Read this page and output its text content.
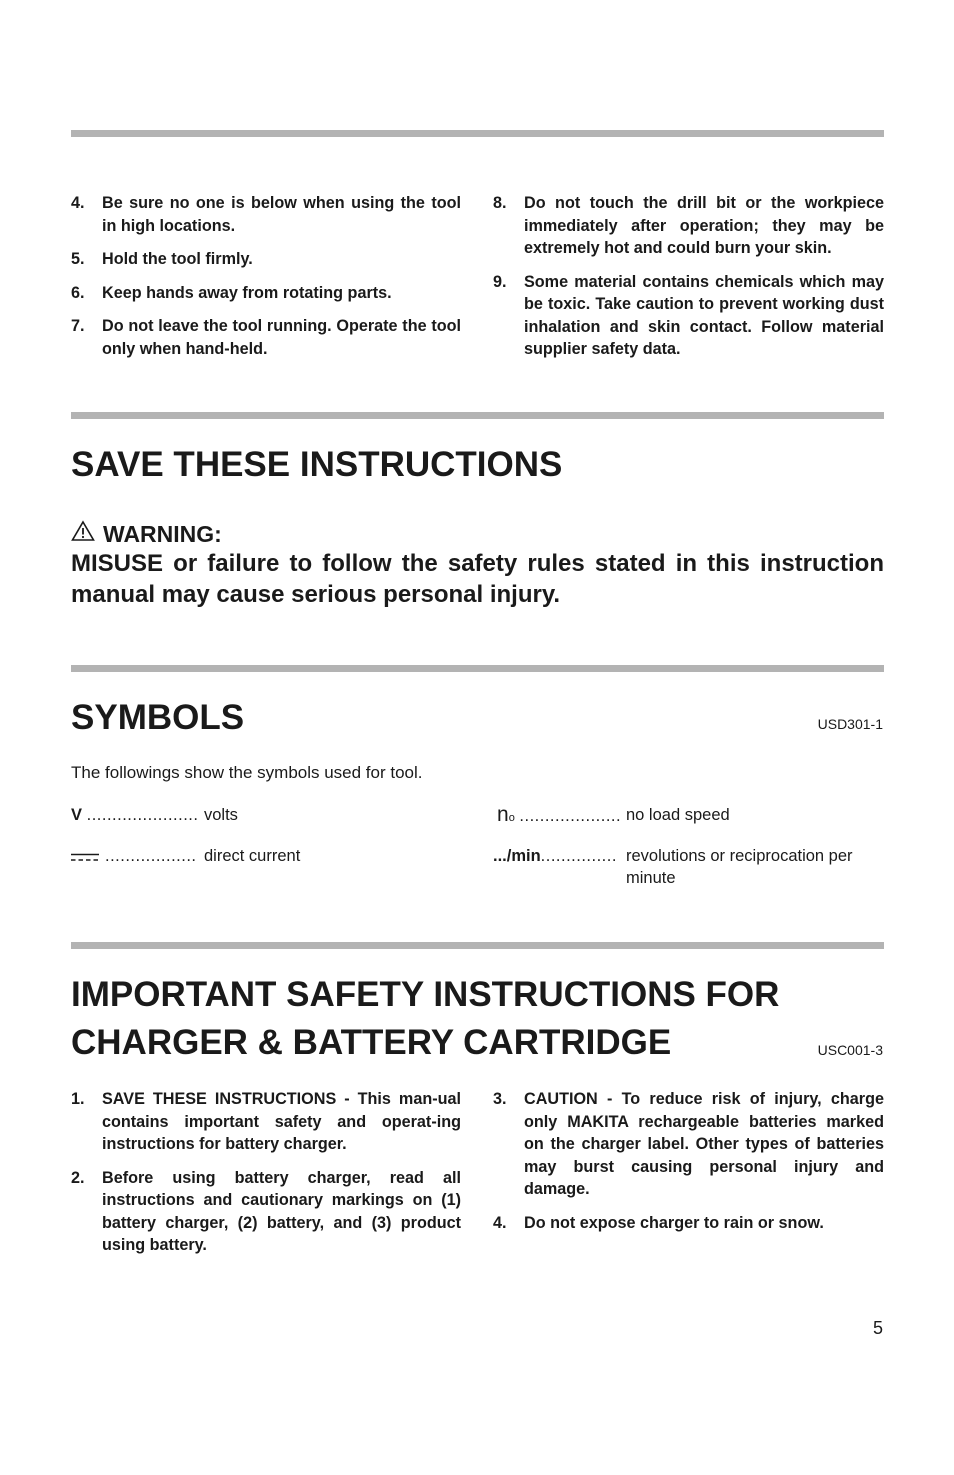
4. Be sure no one is below when using the tool in high locations.
5. Hold the tool firmly.
6. Keep hands away from rotating parts.
7. Do not leave the tool running. Operate the tool only when hand-held.
8. Do not touch the drill bit or the workpiece immediately after operation; they may be extremely hot and could burn your skin.
9. Some material contains chemicals which may be toxic. Take caution to prevent working dust inhalation and skin contact. Follow material supplier safety data.
SAVE THESE INSTRUCTIONS
WARNING:
MISUSE or failure to follow the safety rules stated in this instruction manual may cause serious personal injury.
SYMBOLS	USD301-1
The followings show the symbols used for tool.
V ...................... volts
.................. direct current
no .................... no load speed
.../min............... revolutions or reciprocation per minute
IMPORTANT SAFETY INSTRUCTIONS FOR
CHARGER & BATTERY CARTRIDGE	USC001-3
1. SAVE THESE INSTRUCTIONS - This man-ual contains important safety and operat-ing instructions for battery charger.
2. Before using battery charger, read all instructions and cautionary markings on (1) battery charger, (2) battery, and (3) product using battery.
3. CAUTION - To reduce risk of injury, charge only MAKITA rechargeable batteries marked on the charger label. Other types of batteries may burst causing personal injury and damage.
4. Do not expose charger to rain or snow.
5
